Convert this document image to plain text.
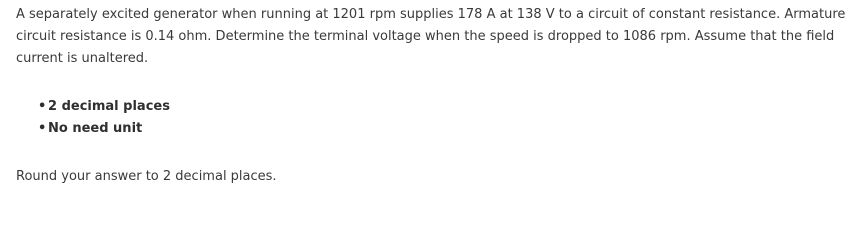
A separately excited generator when running at 1201 rpm supplies 178 A at 138 V to a circuit of constant resistance. Armature circuit resistance is 0.14 ohm. Determine the terminal voltage when the speed is dropped to 1086 rpm. Assume that the field current is unaltered.

• 2 decimal places
• No need unit

Round your answer to 2 decimal places.
